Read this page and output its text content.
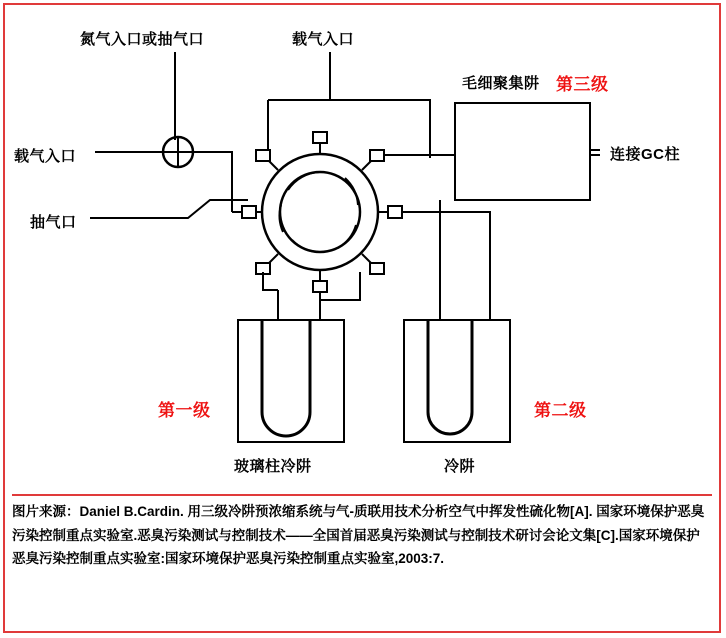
氮气入口或抽气口	载气入口
毛细聚集阱 第三级
载气入口	连接GC柱
抽气口
第一级	第二级
玻璃柱冷阱	冷阱
图片来源：Daniel B.Cardin. 用三级冷阱预浓缩系统与气-质联用技术分析空气中挥发性硫化物[A]. 国家环境保护恶臭污染控制重点实验室.恶臭污染测试与控制技术——全国首届恶臭污染测试与控制技术研讨会论文集[C].国家环境保护恶臭污染控制重点实验室:国家环境保护恶臭污染控制重点实验室,2003:7.
